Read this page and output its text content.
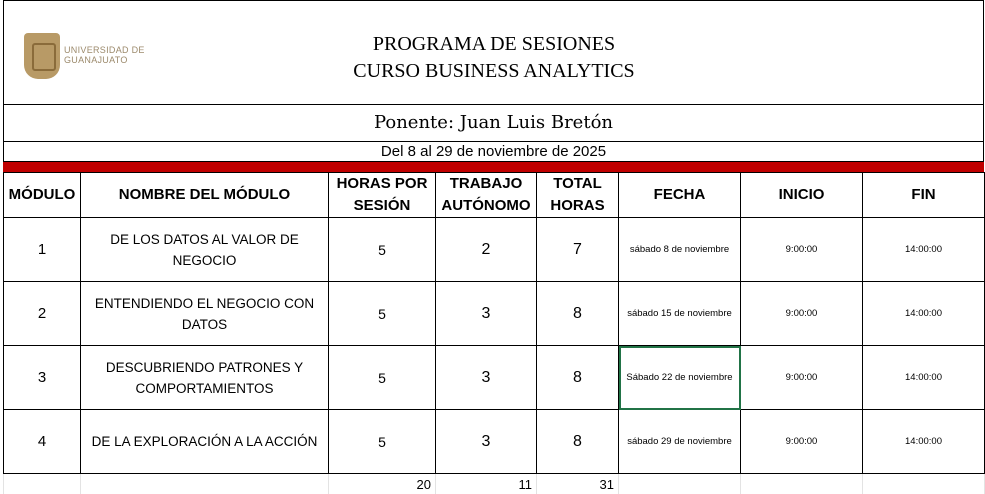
UNIVERSIDAD DE
GUANAJUATO
PROGRAMA DE SESIONES
CURSO BUSINESS ANALYTICS
Ponente: Juan Luis Bretón
Del 8 al 29 de noviembre de 2025
MÓDULO	NOMBRE DEL MÓDULO	HORAS POR SESIÓN	TRABAJO AUTÓNOMO	TOTAL HORAS	FECHA	INICIO	FIN
1	DE LOS DATOS AL VALOR DE NEGOCIO	5	2	7	sábado 8 de noviembre	9:00:00	14:00:00
2	ENTENDIENDO EL NEGOCIO CON DATOS	5	3	8	sábado 15 de noviembre	9:00:00	14:00:00
3	DESCUBRIENDO PATRONES Y COMPORTAMIENTOS	5	3	8	Sábado 22 de noviembre	9:00:00	14:00:00
4	DE LA EXPLORACIÓN A LA ACCIÓN	5	3	8	sábado 29 de noviembre	9:00:00	14:00:00
		20	11	31			
